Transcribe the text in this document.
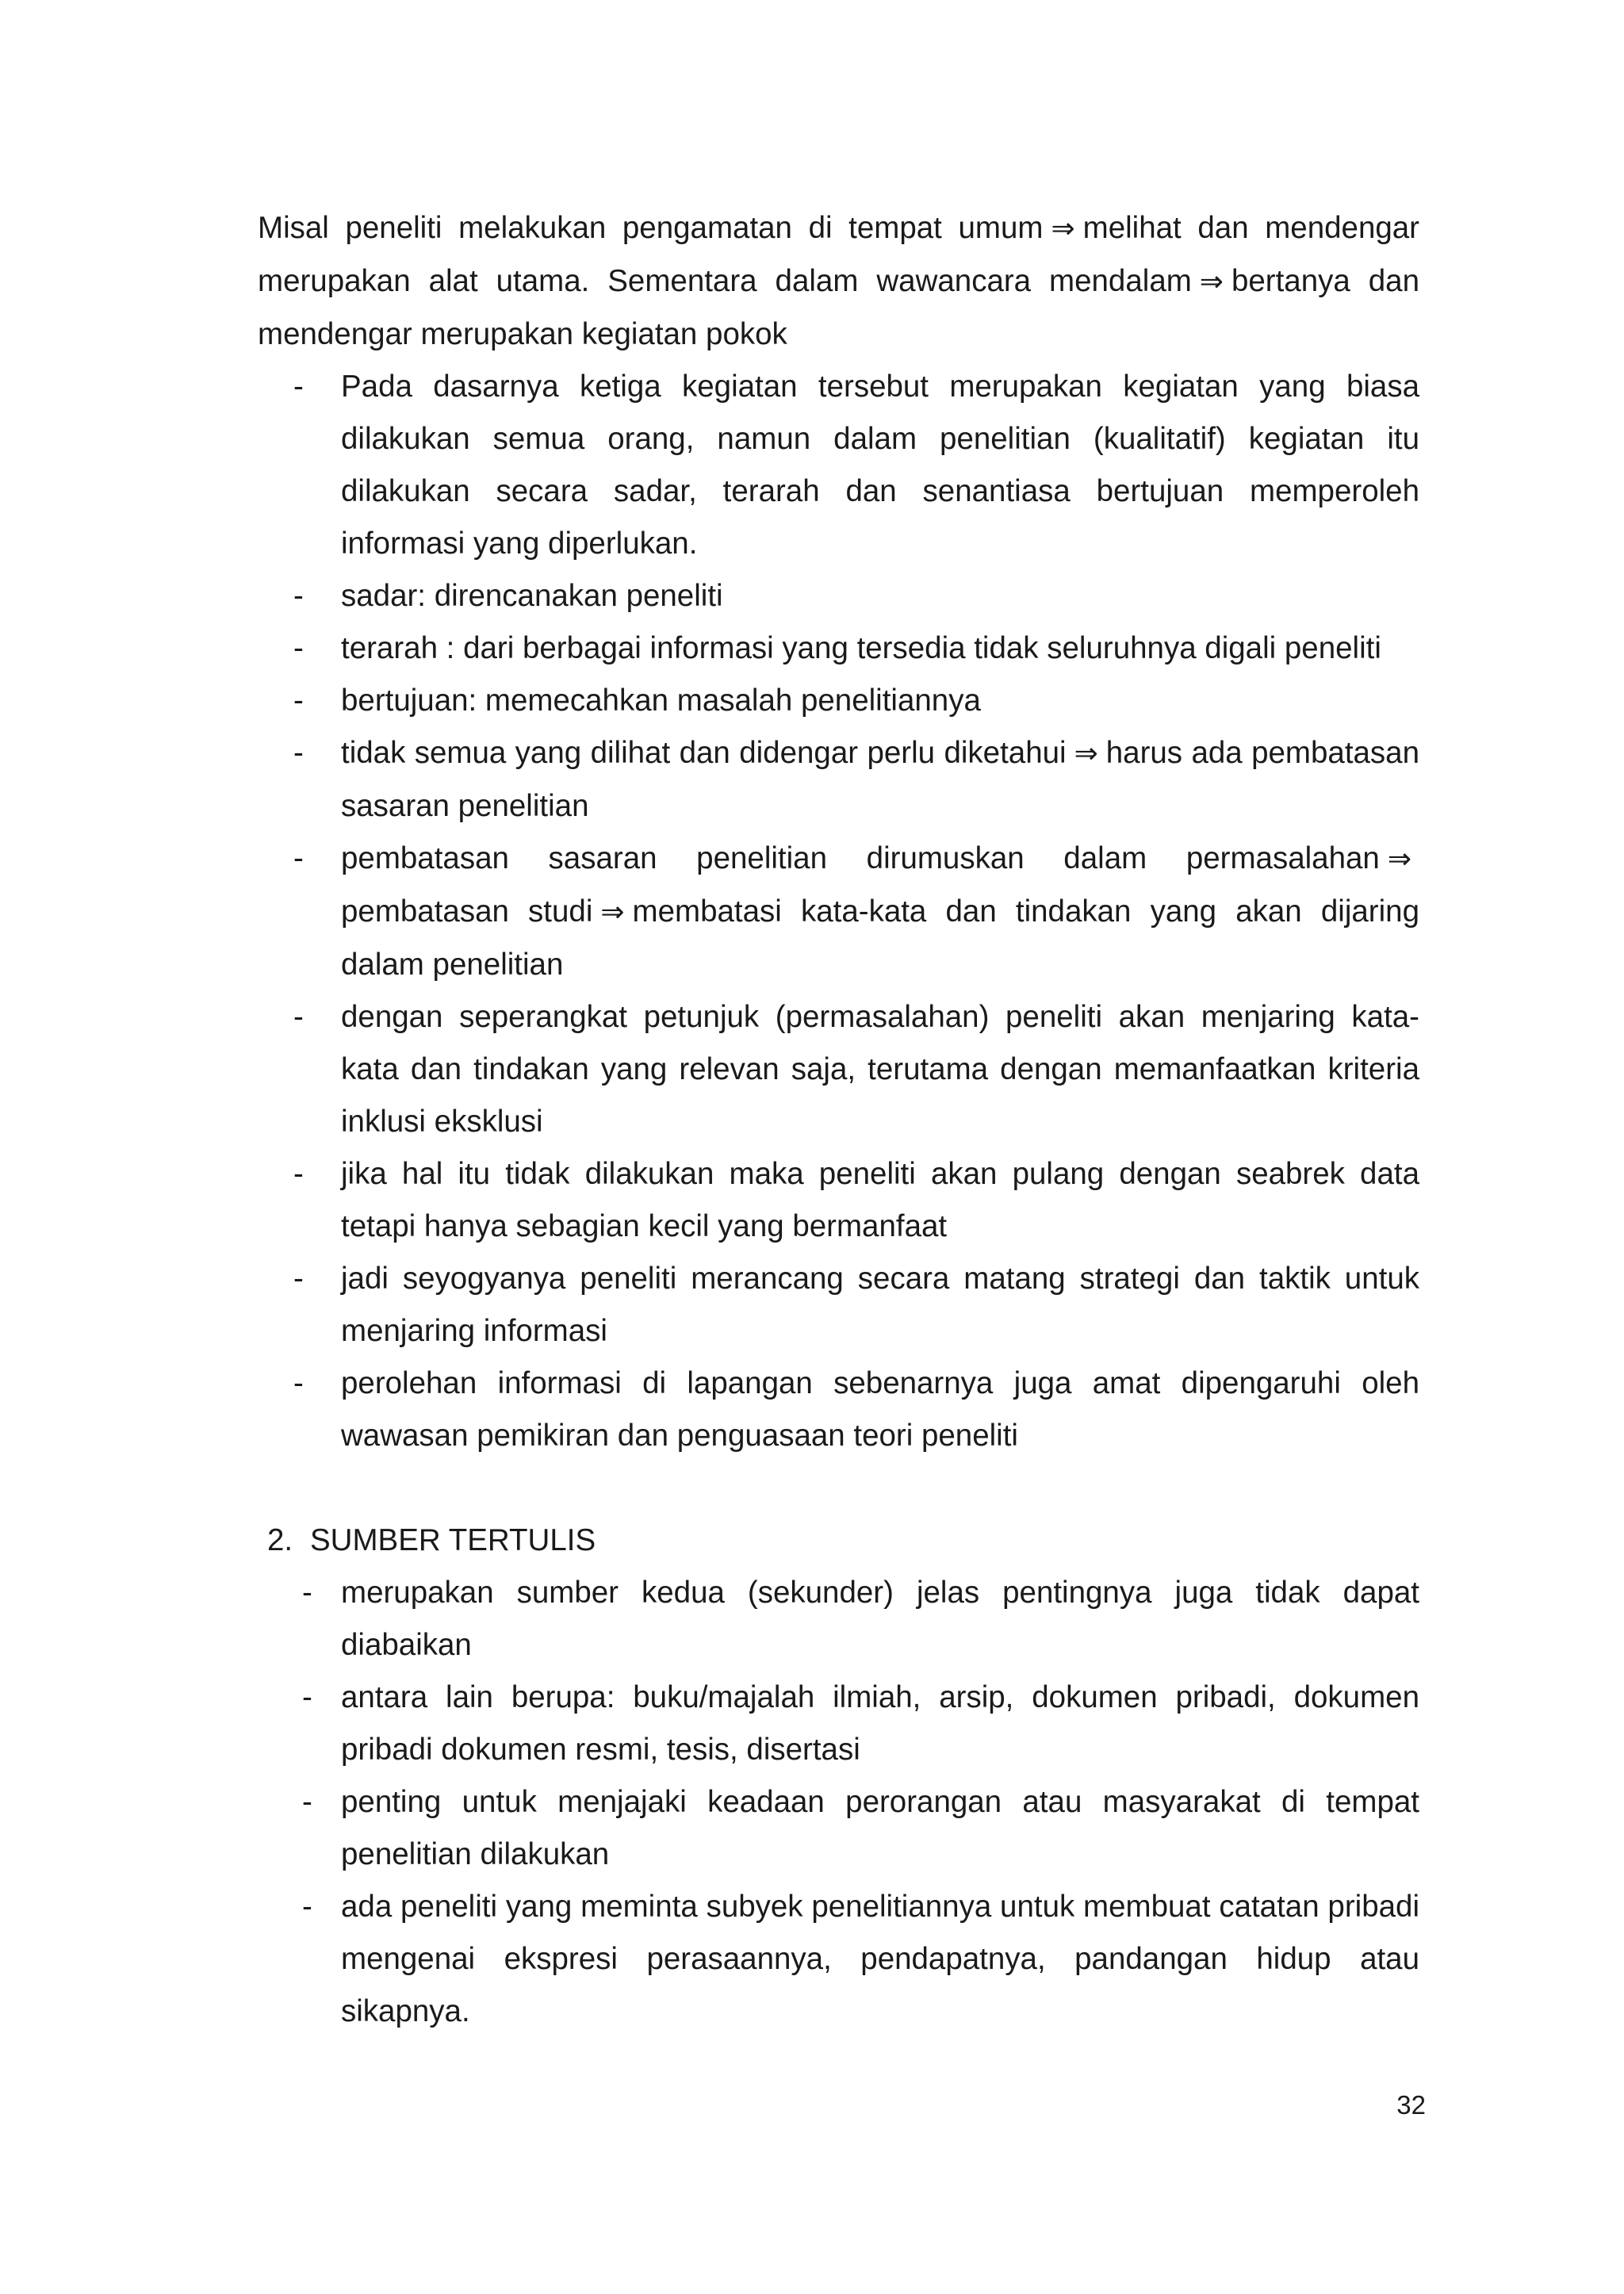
Misal peneliti melakukan pengamatan di tempat umum ⇒ melihat dan mendengar merupakan alat utama. Sementara dalam wawancara mendalam ⇒ bertanya dan mendengar merupakan kegiatan pokok

- Pada dasarnya ketiga kegiatan tersebut merupakan kegiatan yang biasa dilakukan semua orang, namun dalam penelitian (kualitatif) kegiatan itu dilakukan secara sadar, terarah dan senantiasa bertujuan memperoleh informasi yang diperlukan.
- sadar: direncanakan peneliti
- terarah : dari berbagai informasi yang tersedia tidak seluruhnya digali peneliti
- bertujuan: memecahkan masalah penelitiannya
- tidak semua yang dilihat dan didengar perlu diketahui ⇒ harus ada pembatasan sasaran penelitian
- pembatasan sasaran penelitian dirumuskan dalam permasalahan ⇒pembatasan studi ⇒ membatasi kata-kata dan tindakan yang akan dijaring dalam penelitian
- dengan seperangkat petunjuk (permasalahan) peneliti akan menjaring kata-kata dan tindakan yang relevan saja, terutama dengan memanfaatkan kriteria inklusi eksklusi
- jika hal itu tidak dilakukan maka peneliti akan pulang dengan seabrek data tetapi hanya sebagian kecil yang bermanfaat
- jadi seyogyanya peneliti merancang secara matang strategi dan taktik untuk menjaring informasi
- perolehan informasi di lapangan sebenarnya juga amat dipengaruhi oleh wawasan pemikiran dan penguasaan teori peneliti
2. SUMBER TERTULIS
- merupakan sumber kedua (sekunder) jelas pentingnya juga tidak dapat diabaikan
- antara lain berupa: buku/majalah ilmiah, arsip, dokumen pribadi, dokumen pribadi dokumen resmi, tesis, disertasi
- penting untuk menjajaki keadaan perorangan atau masyarakat di tempat penelitian dilakukan
- ada peneliti yang meminta subyek penelitiannya untuk membuat catatan pribadi mengenai ekspresi perasaannya, pendapatnya, pandangan hidup atau sikapnya.
32
